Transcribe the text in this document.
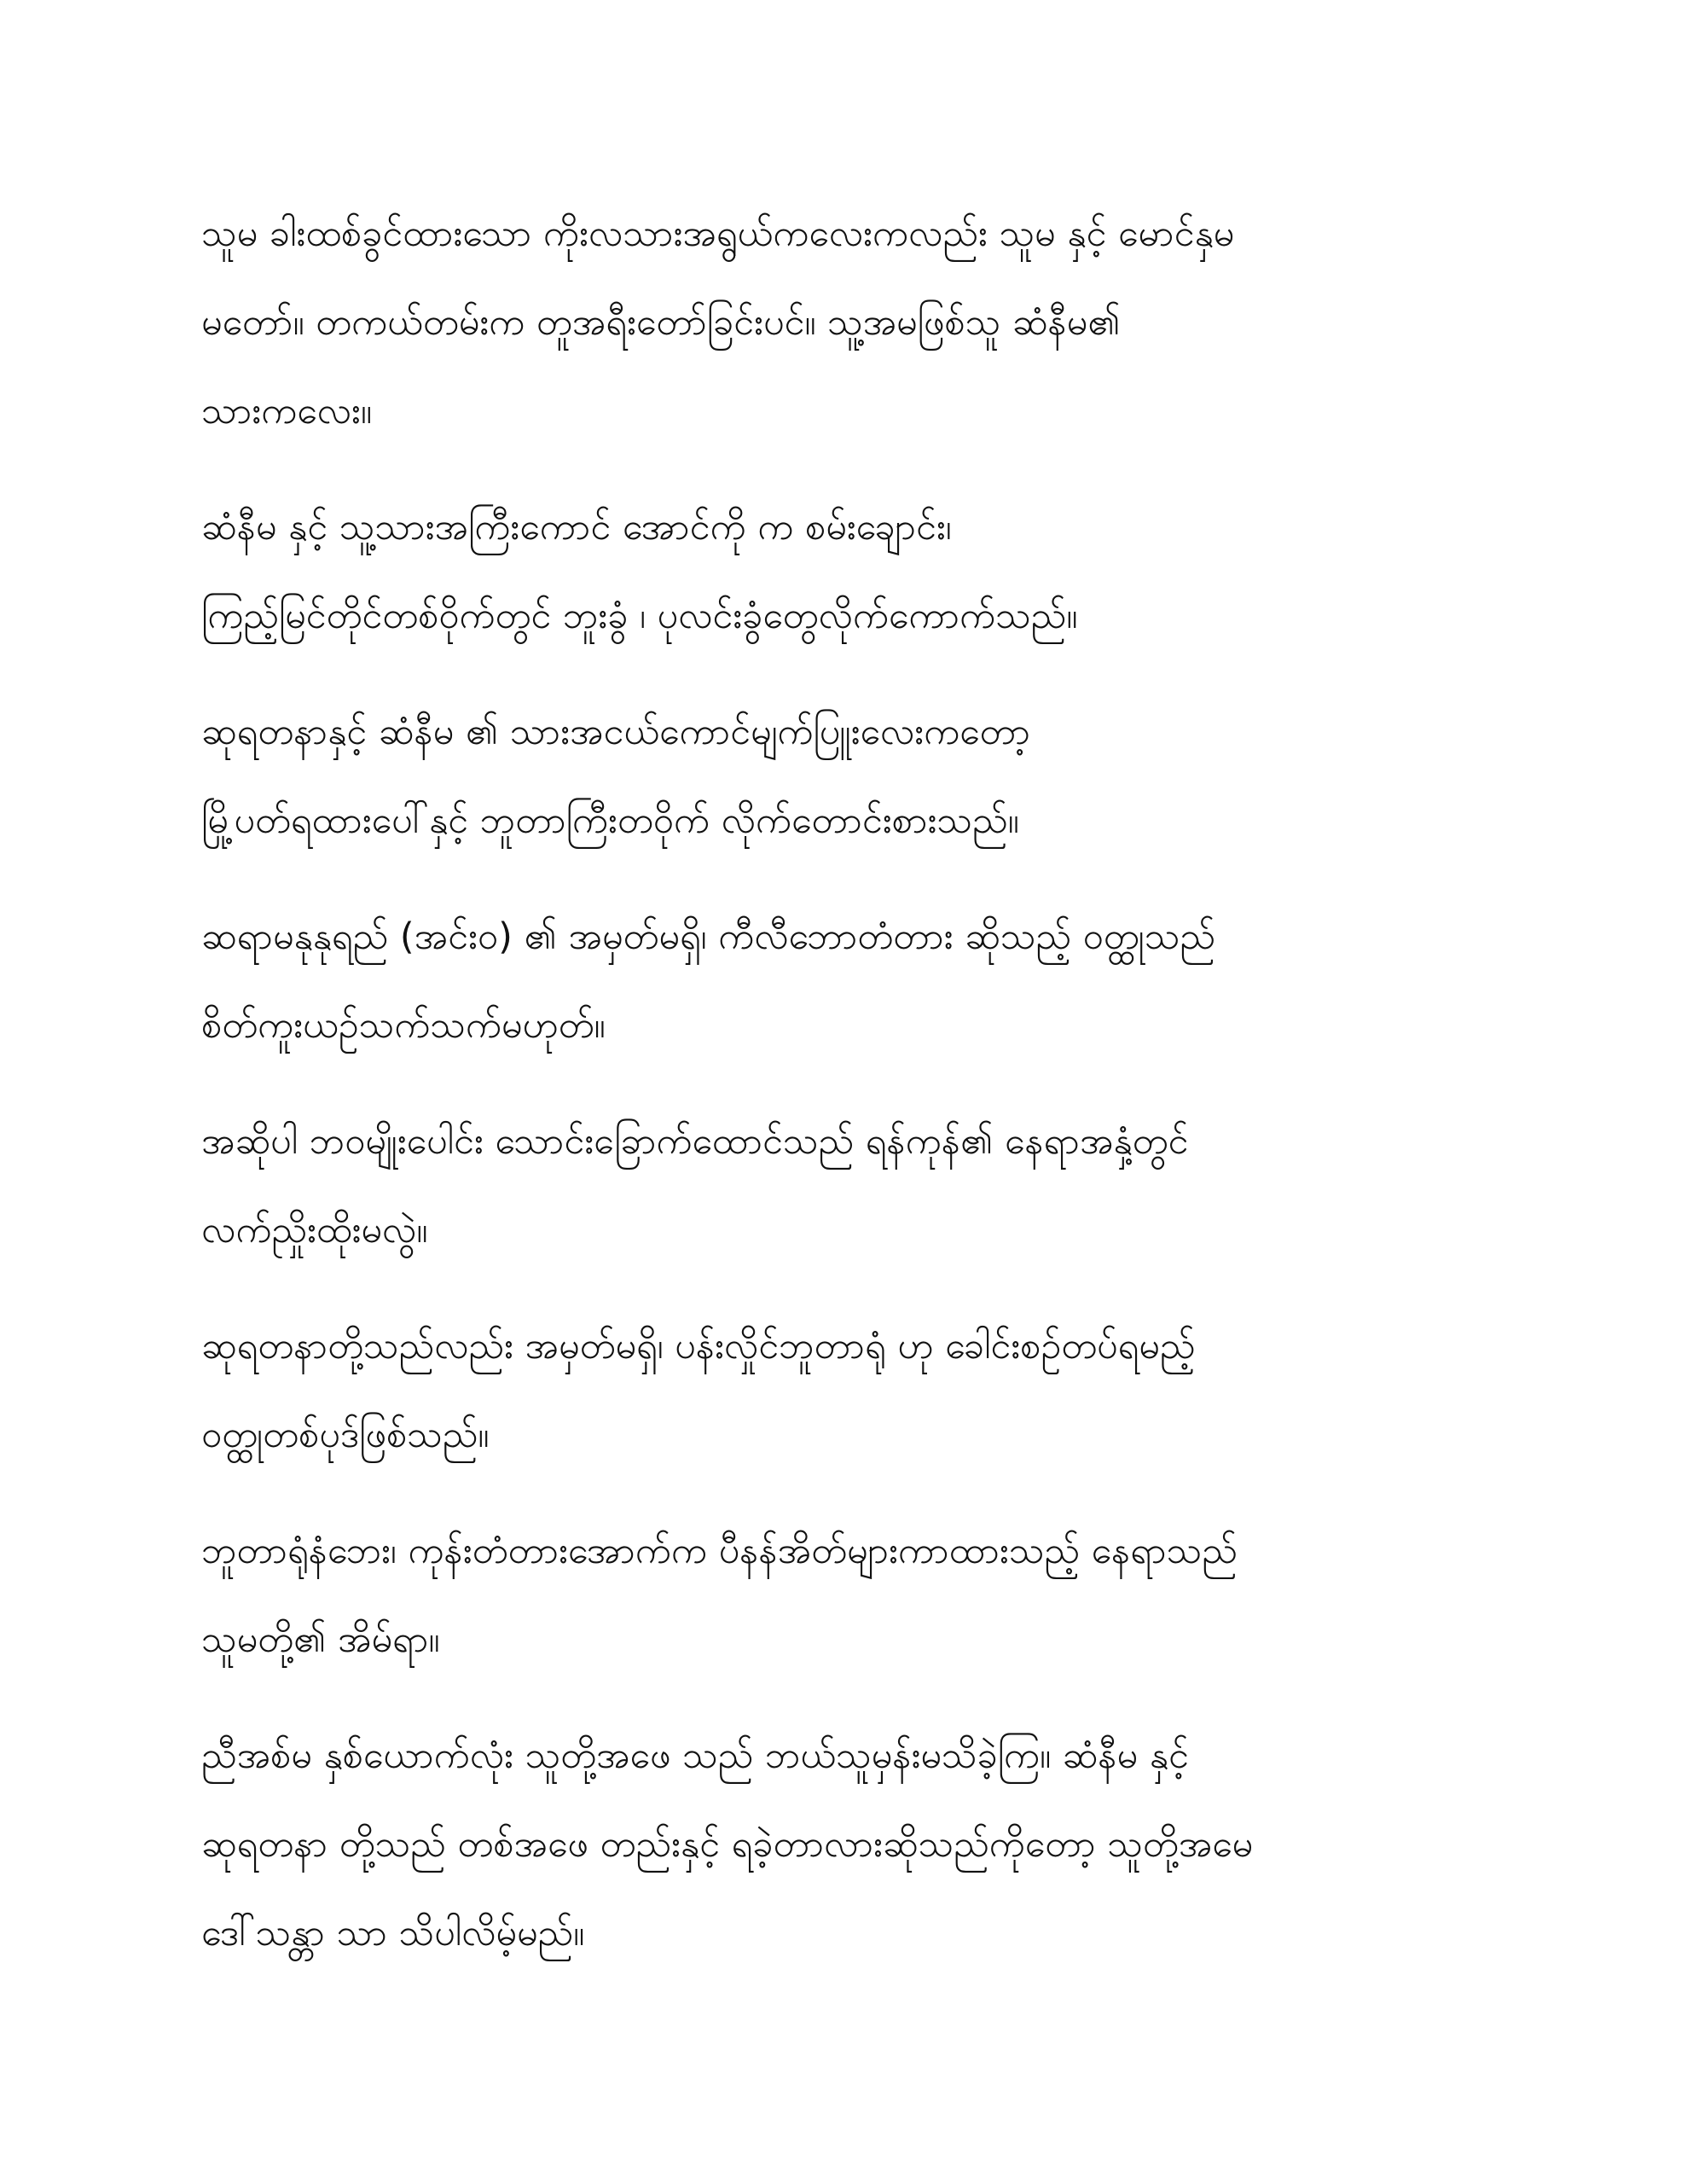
သူမ ခါးထစ်ခွင်ထားသော ကိုးလသားအရွယ်ကလေးကလည်း သူမ နှင့် မောင်နှမ
မတော်။ တကယ်တမ်းက တူအရီးတော်ခြင်းပင်။ သူ့အမဖြစ်သူ ဆံနီမ၏
သားကလေး။

ဆံနီမ နှင့် သူ့သားအကြီးကောင် အောင်ကို က စမ်းချောင်း၊
ကြည့်မြင်တိုင်တစ်ဝိုက်တွင် ဘူးခွံ ၊ ပုလင်းခွံတွေလိုက်ကောက်သည်။

ဆုရတနာနှင့် ဆံနီမ ၏ သားအငယ်ကောင်မျက်ပြူးလေးကတော့
မြို့ပတ်ရထားပေါ်နှင့် ဘူတာကြီးတဝိုက် လိုက်တောင်းစားသည်။

ဆရာမနုနုရည် (အင်း၀) ၏ အမှတ်မရှိ၊ ကီလီဘောတံတား ဆိုသည့် ဝတ္ထုသည်
စိတ်ကူးယဉ်သက်သက်မဟုတ်။

အဆိုပါ ဘဝမျိုးပေါင်း သောင်းခြောက်ထောင်သည် ရန်ကုန်၏ နေရာအနှံ့တွင်
လက်ညှိုးထိုးမလွဲ။

ဆုရတနာတို့သည်လည်း အမှတ်မရှိ၊ ပန်းလှိုင်ဘူတာရုံ ဟု ခေါင်းစဉ်တပ်ရမည့်
ဝတ္ထုတစ်ပုဒ်ဖြစ်သည်။

ဘူတာရုံနံဘေး၊ ကုန်းတံတားအောက်က ပီနန်အိတ်များကာထားသည့် နေရာသည်
သူမတို့၏ အိမ်ရာ။

ညီအစ်မ နှစ်ယောက်လုံး သူတို့အဖေ သည် ဘယ်သူမှန်းမသိခဲ့ကြ။ ဆံနီမ နှင့်
ဆုရတနာ တို့သည် တစ်အဖေ တည်းနှင့် ရခဲ့တာလားဆိုသည်ကိုတော့ သူတို့အမေ
ဒေါ်သန္တာ သာ သိပါလိမ့်မည်။
